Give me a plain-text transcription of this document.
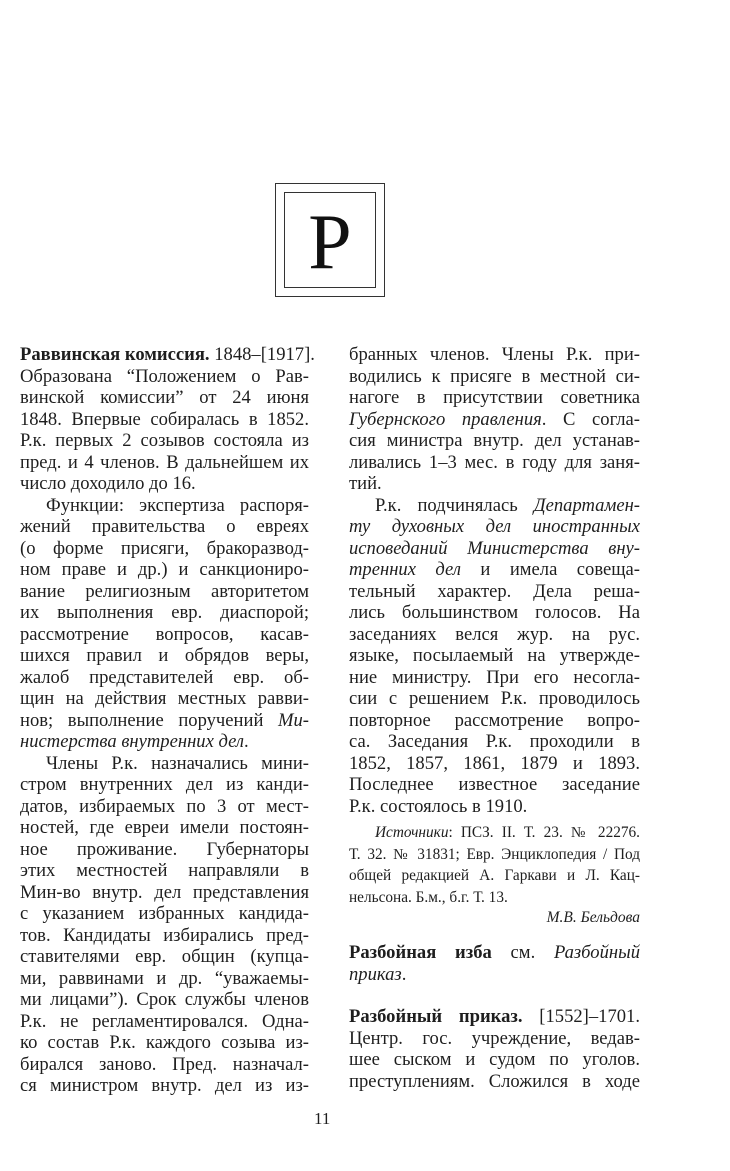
Р
Раввинская комиссия. 1848–[1917].
Образована “Положением о Рав-
винской комиссии” от 24 июня
1848. Впервые собиралась в 1852.
Р.к. первых 2 созывов состояла из
пред. и 4 членов. В дальнейшем их
число доходило до 16.
Функции: экспертиза распоря-
жений правительства о евреях
(о форме присяги, бракоразвод-
ном праве и др.) и санкциониро-
вание религиозным авторитетом
их выполнения евр. диаспорой;
рассмотрение вопросов, касав-
шихся правил и обрядов веры,
жалоб представителей евр. об-
щин на действия местных равви-
нов; выполнение поручений Ми-
нистерства внутренних дел.
Члены Р.к. назначались мини-
стром внутренних дел из канди-
датов, избираемых по 3 от мест-
ностей, где евреи имели постоян-
ное проживание. Губернаторы
этих местностей направляли в
Мин-во внутр. дел представления
с указанием избранных кандида-
тов. Кандидаты избирались пред-
ставителями евр. общин (купца-
ми, раввинами и др. “уважаемы-
ми лицами”). Срок службы членов
Р.к. не регламентировался. Одна-
ко состав Р.к. каждого созыва из-
бирался заново. Пред. назначал-
ся министром внутр. дел из из-
бранных членов. Члены Р.к. при-
водились к присяге в местной си-
нагоге в присутствии советника
Губернского правления. С согла-
сия министра внутр. дел устанав-
ливались 1–3 мес. в году для заня-
тий.
Р.к. подчинялась Департамен-
ту духовных дел иностранных
исповеданий Министерства вну-
тренних дел и имела совеща-
тельный характер. Дела реша-
лись большинством голосов. На
заседаниях велся жур. на рус.
языке, посылаемый на утвержде-
ние министру. При его несогла-
сии с решением Р.к. проводилось
повторное рассмотрение вопро-
са. Заседания Р.к. проходили в
1852, 1857, 1861, 1879 и 1893.
Последнее известное заседание
Р.к. состоялось в 1910.
Источники: ПСЗ. II. Т. 23. № 22276.
Т. 32. № 31831; Евр. Энциклопедия / Под
общей редакцией А. Гаркави и Л. Кац-
нельсона. Б.м., б.г. Т. 13.
М.В. Бельдова
Разбойная изба см. Разбойный
приказ.
Разбойный приказ. [1552]–1701.
Центр. гос. учреждение, ведав-
шее сыском и судом по уголов.
преступлениям. Сложился в ходе
11
